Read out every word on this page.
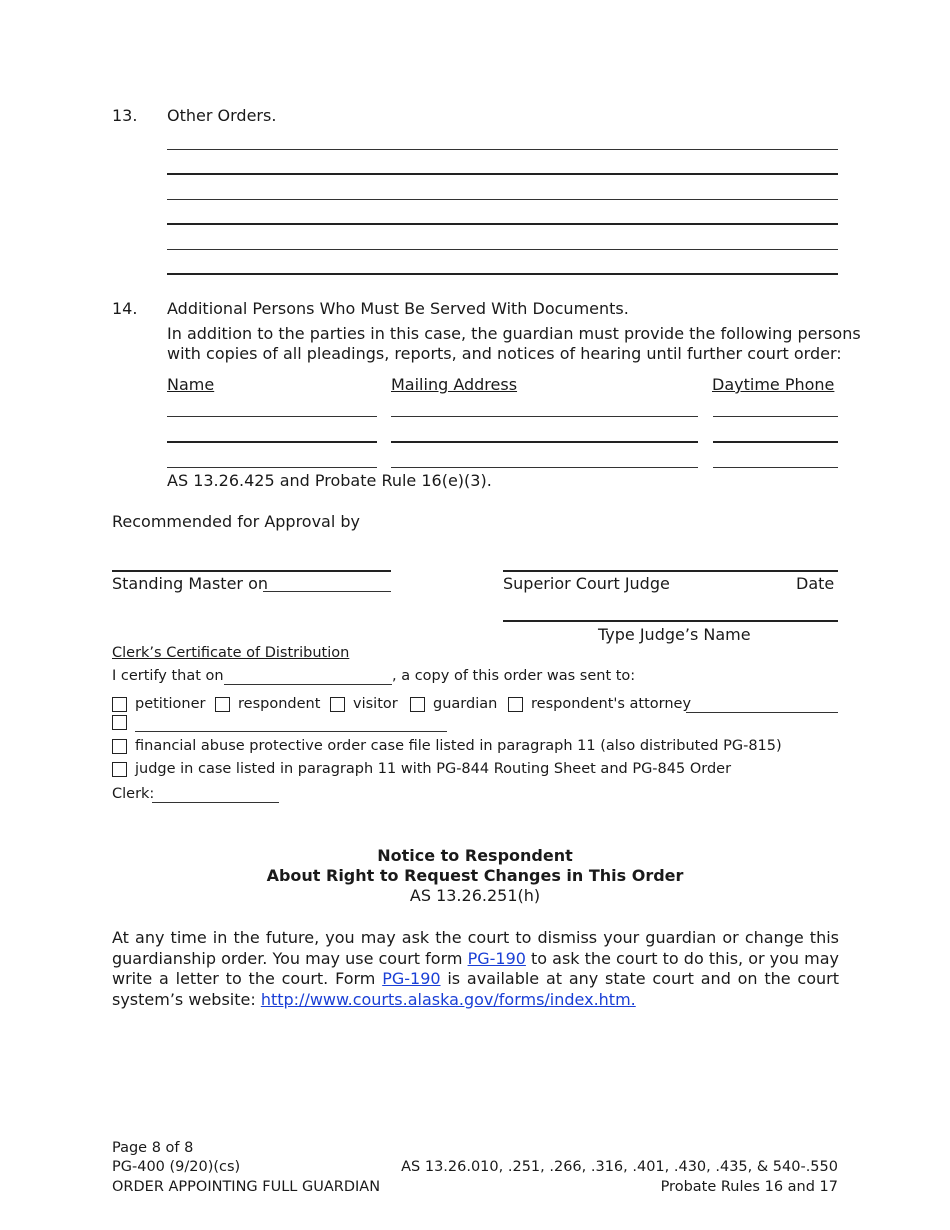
13. Other Orders.
14. Additional Persons Who Must Be Served With Documents.
In addition to the parties in this case, the guardian must provide the following persons
with copies of all pleadings, reports, and notices of hearing until further court order:
Name	Mailing Address	Daytime Phone
AS 13.26.425 and Probate Rule 16(e)(3).
Recommended for Approval by
Standing Master on	Superior Court Judge	Date
Type Judge’s Name
Clerk’s Certificate of Distribution
I certify that on	, a copy of this order was sent to:
petitioner respondent visitor guardian respondent's attorney
financial abuse protective order case file listed in paragraph 11 (also distributed PG-815)
judge in case listed in paragraph 11 with PG-844 Routing Sheet and PG-845 Order
Clerk:
Notice to Respondent
About Right to Request Changes in This Order
AS 13.26.251(h)
At any time in the future, you may ask the court to dismiss your guardian or change this guardianship order. You may use court form PG-190 to ask the court to do this, or you may write a letter to the court. Form PG-190 is available at any state court and on the court system’s website: http://www.courts.alaska.gov/forms/index.htm.
Page 8 of 8
PG-400 (9/20)(cs)
ORDER APPOINTING FULL GUARDIAN
AS 13.26.010, .251, .266, .316, .401, .430, .435, & 540-.550
Probate Rules 16 and 17
